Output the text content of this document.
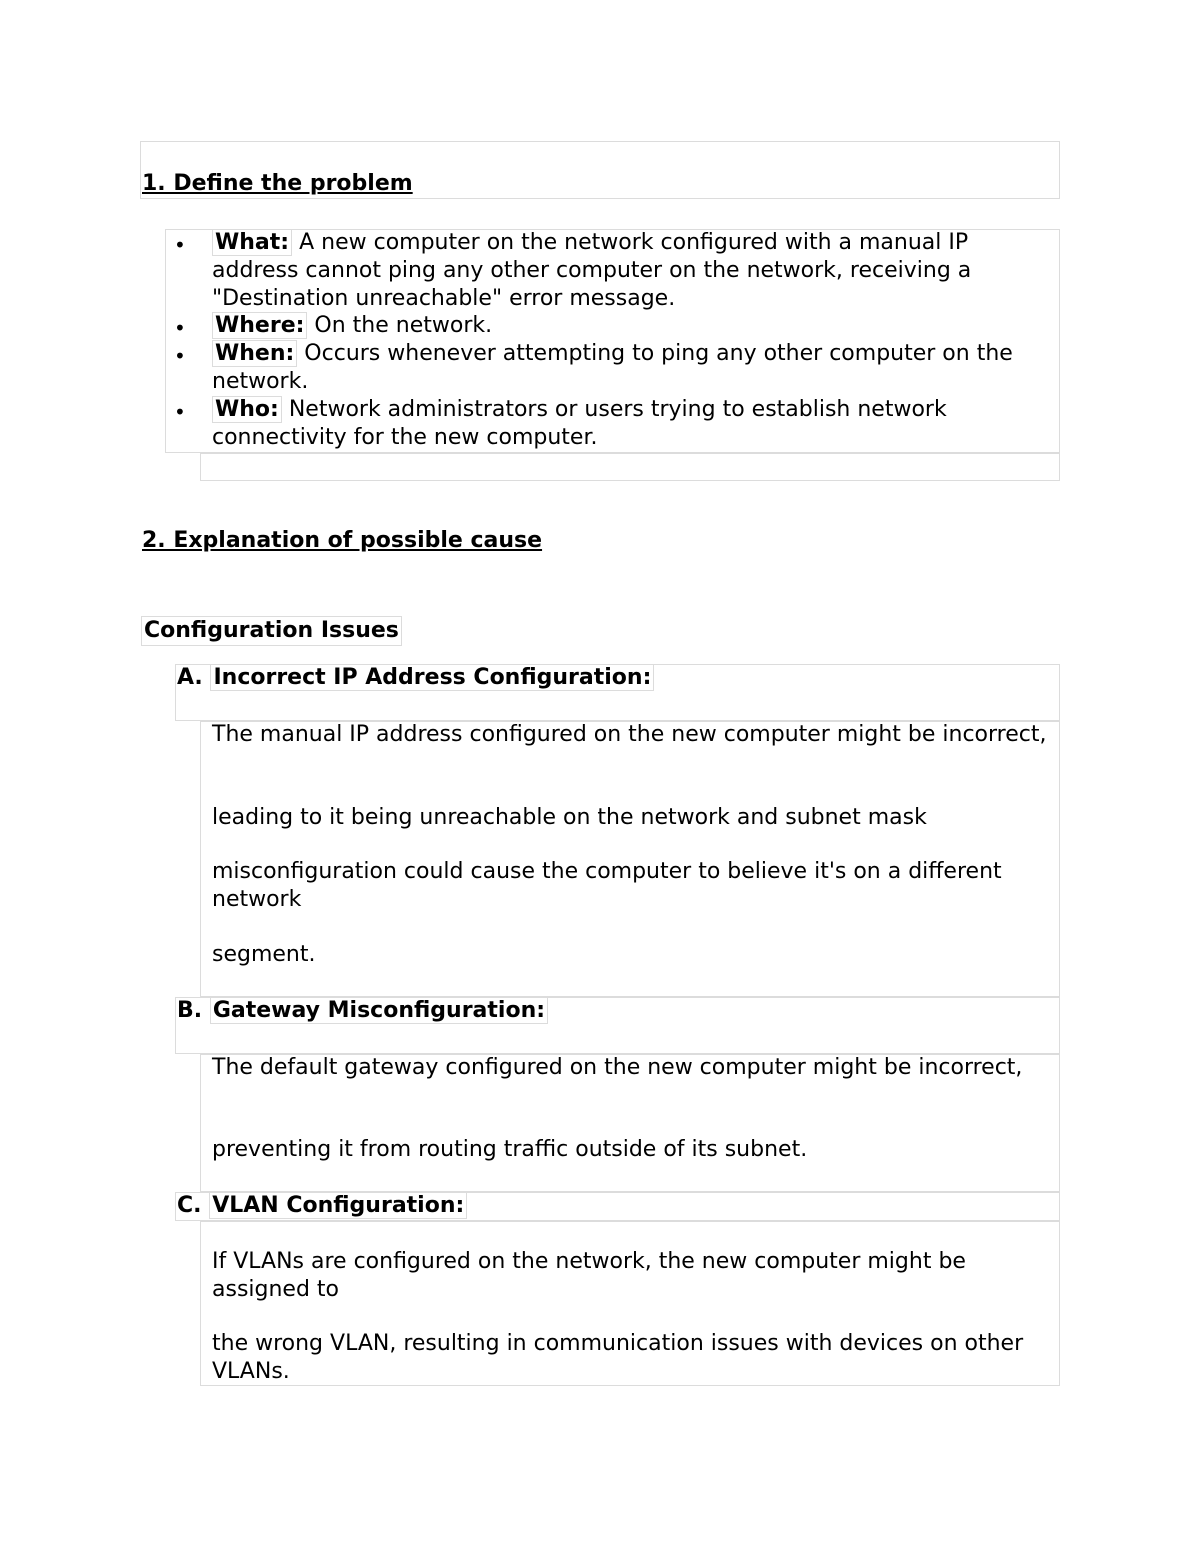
1. Define the problem
• What: A new computer on the network configured with a manual IP address cannot ping any other computer on the network, receiving a "Destination unreachable" error message.
• Where: On the network.
• When: Occurs whenever attempting to ping any other computer on the network.
• Who: Network administrators or users trying to establish network connectivity for the new computer.
2. Explanation of possible cause
Configuration Issues
A. Incorrect IP Address Configuration:
The manual IP address configured on the new computer might be incorrect,
leading to it being unreachable on the network and subnet mask
misconfiguration could cause the computer to believe it's on a different network
segment.
B. Gateway Misconfiguration:
The default gateway configured on the new computer might be incorrect,
preventing it from routing traffic outside of its subnet.
C. VLAN Configuration:
If VLANs are configured on the network, the new computer might be assigned to
the wrong VLAN, resulting in communication issues with devices on other VLANs.
